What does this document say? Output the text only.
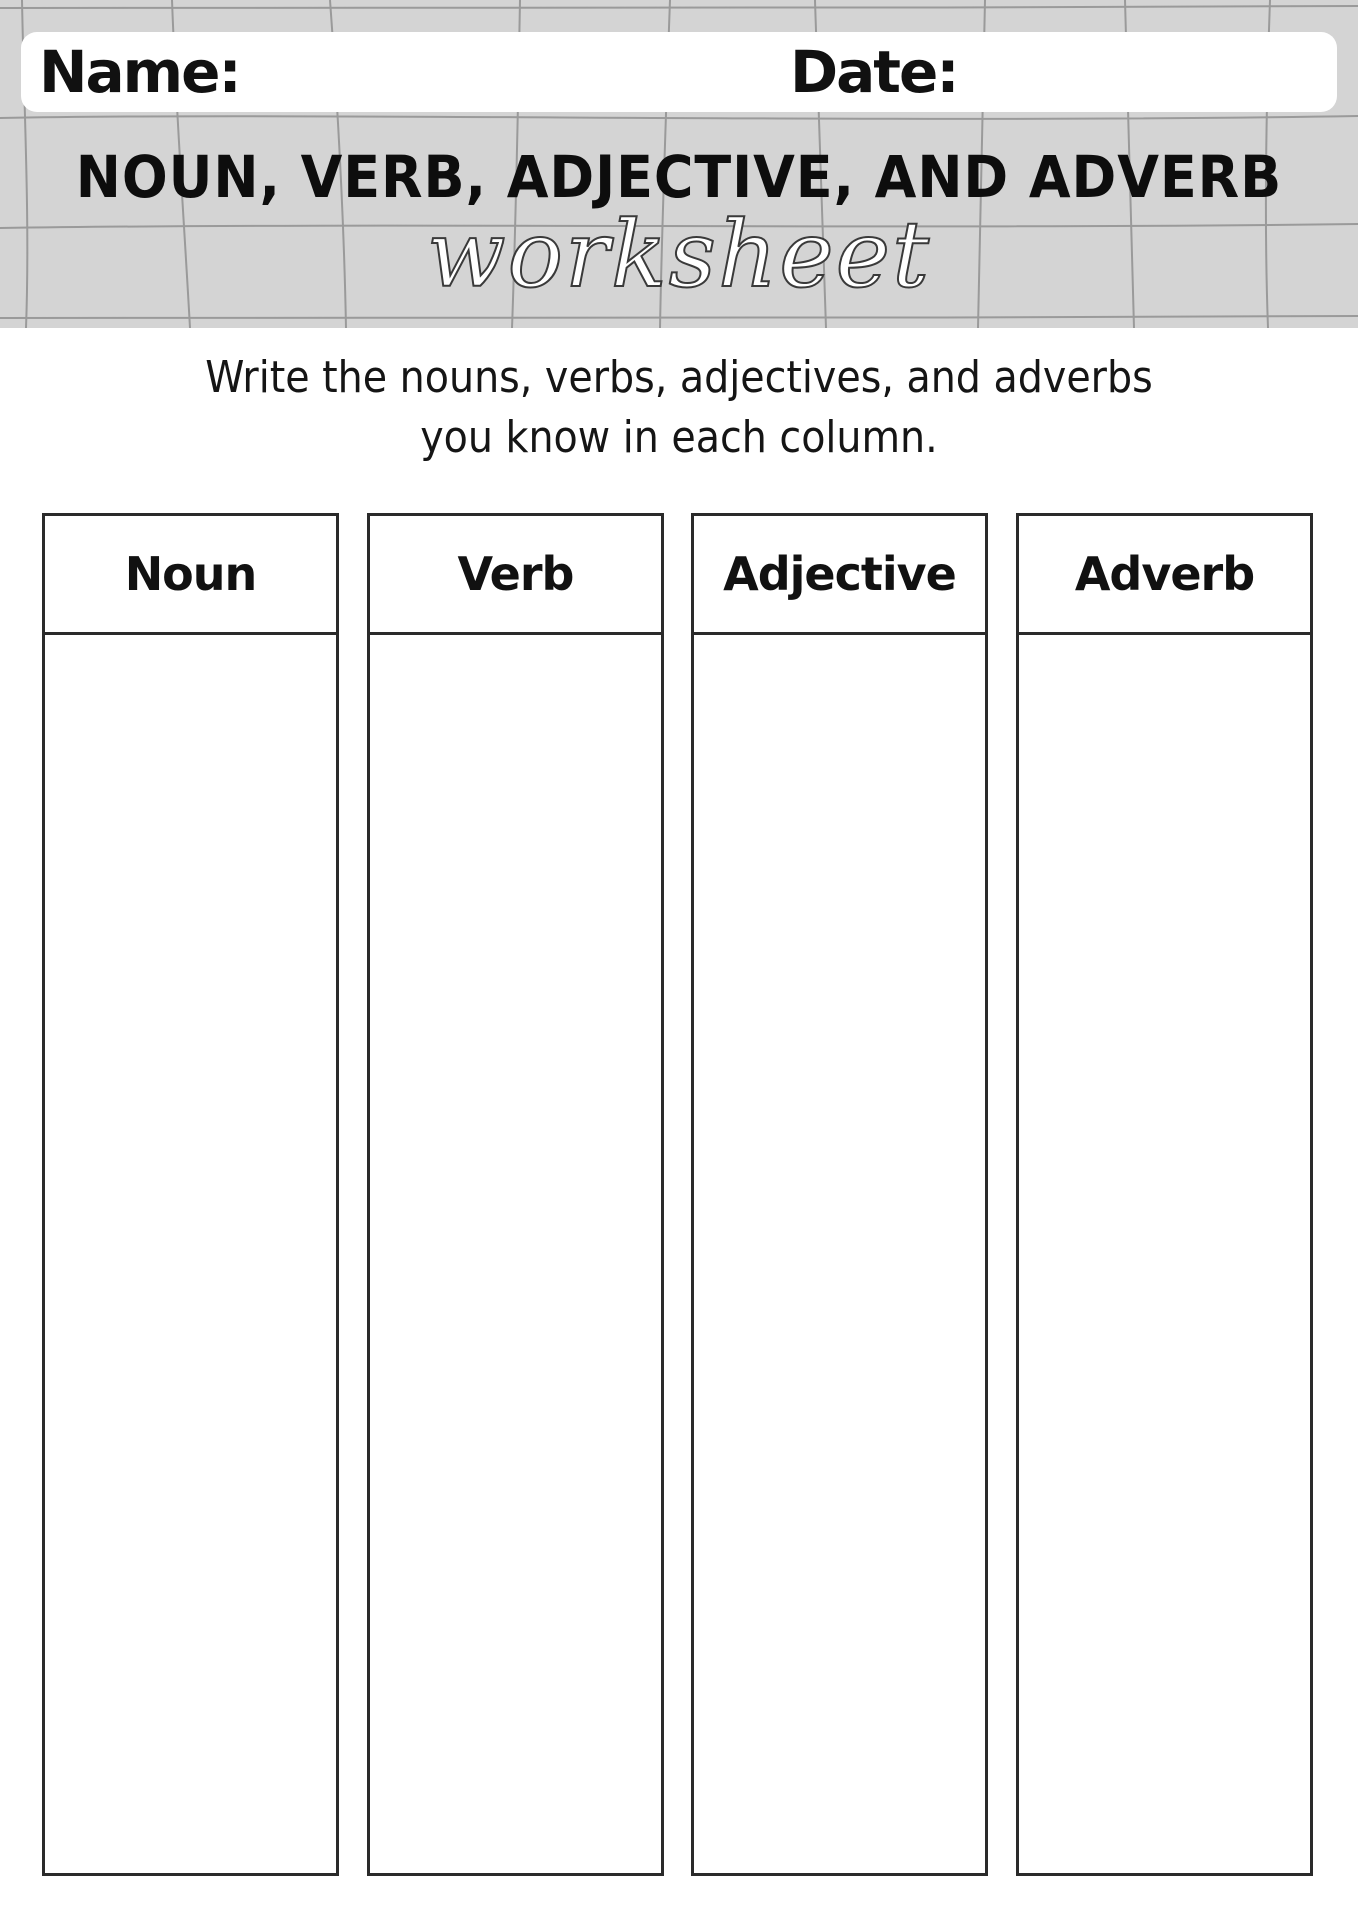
Name:	Date:
NOUN, VERB, ADJECTIVE, AND ADVERB
worksheet
Write the nouns, verbs, adjectives, and adverbs
you know in each column.
Noun	Verb	Adjective	Adverb
